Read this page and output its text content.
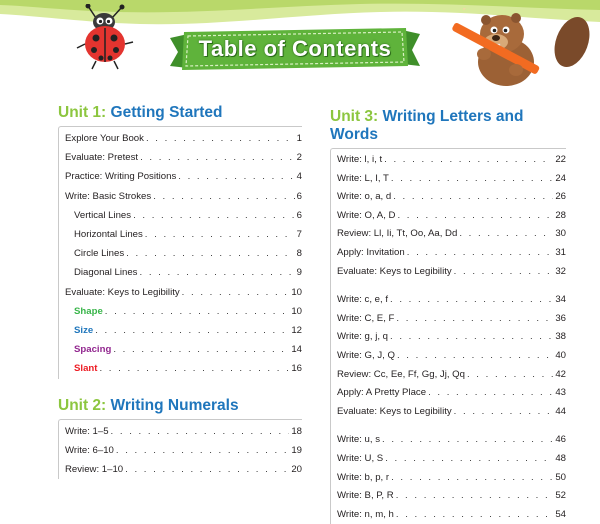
Table of Contents
Unit 1: Getting Started
Explore Your Book . . .	1
Evaluate: Pretest . . .	2
Practice: Writing Positions . . .	4
Write: Basic Strokes . . .	6
Vertical Lines . . .	6
Horizontal Lines . . .	7
Circle Lines . . .	8
Diagonal Lines . . .	9
Evaluate: Keys to Legibility . . .	10
Shape . . .	10
Size . . .	12
Spacing . . .	14
Slant . . .	16
Unit 2: Writing Numerals
Write: 1–5 . . .	18
Write: 6–10 . . .	19
Review: 1–10 . . .	20
Unit 3: Writing Letters and
Words
Write: l, i, t . . .	22
Write: L, I, T . . .	24
Write: o, a, d . . .	26
Write: O, A, D . . .	28
Review: Ll, Ii, Tt, Oo, Aa, Dd . . .	30
Apply: Invitation . . .	31
Evaluate: Keys to Legibility . . .	32
Write: c, e, f . . .	34
Write: C, E, F . . .	36
Write: g, j, q . . .	38
Write: G, J, Q . . .	40
Review: Cc, Ee, Ff, Gg, Jj, Qq . . .	42
Apply: A Pretty Place . . .	43
Evaluate: Keys to Legibility . . .	44
Write: u, s . . .	46
Write: U, S . . .	48
Write: b, p, r . . .	50
Write: B, P, R . . .	52
Write: n, m, h . . .	54
